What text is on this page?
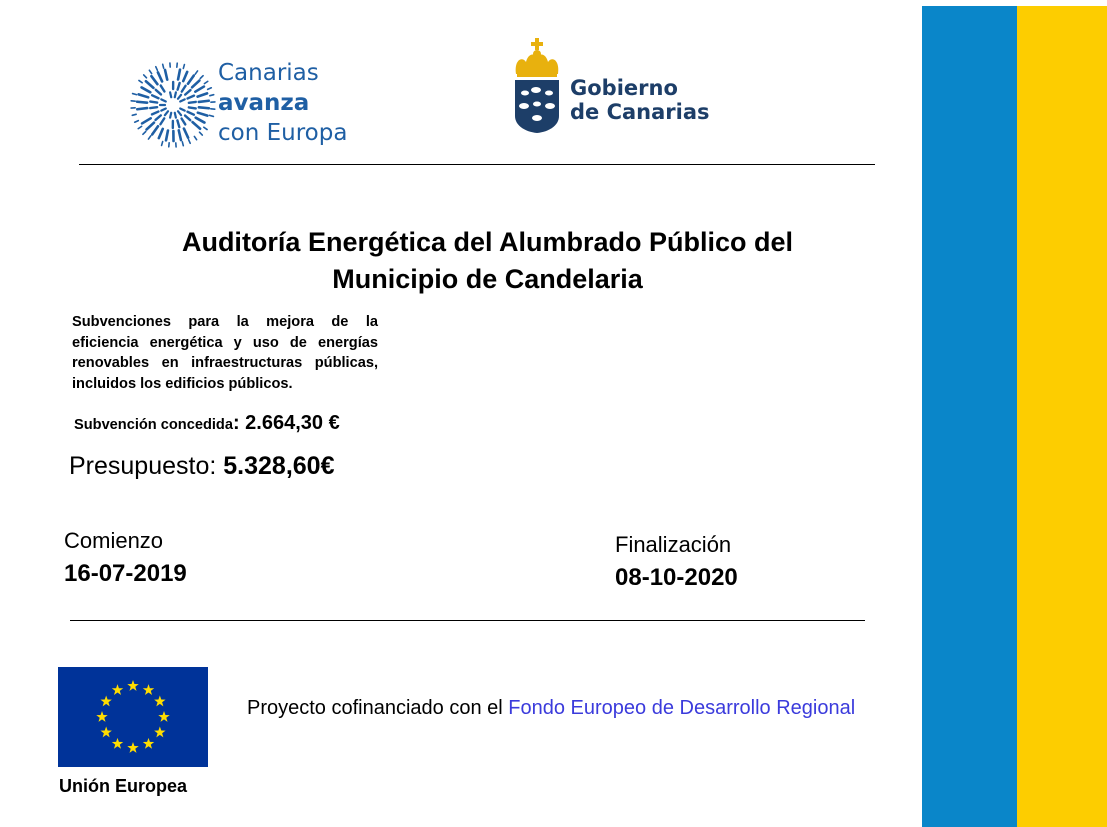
Canarias
avanza
con Europa
Gobierno
de Canarias
Auditoría Energética del Alumbrado Público del
Municipio de Candelaria
Subvenciones para la mejora de la eficiencia energética y uso de energías renovables en infraestructuras públicas, incluidos los edificios públicos.
Subvención concedida: 2.664,30 €
Presupuesto: 5.328,60€
Comienzo
16-07-2019
Finalización
08-10-2020
Unión Europea
Proyecto cofinanciado con el Fondo Europeo de Desarrollo Regional
